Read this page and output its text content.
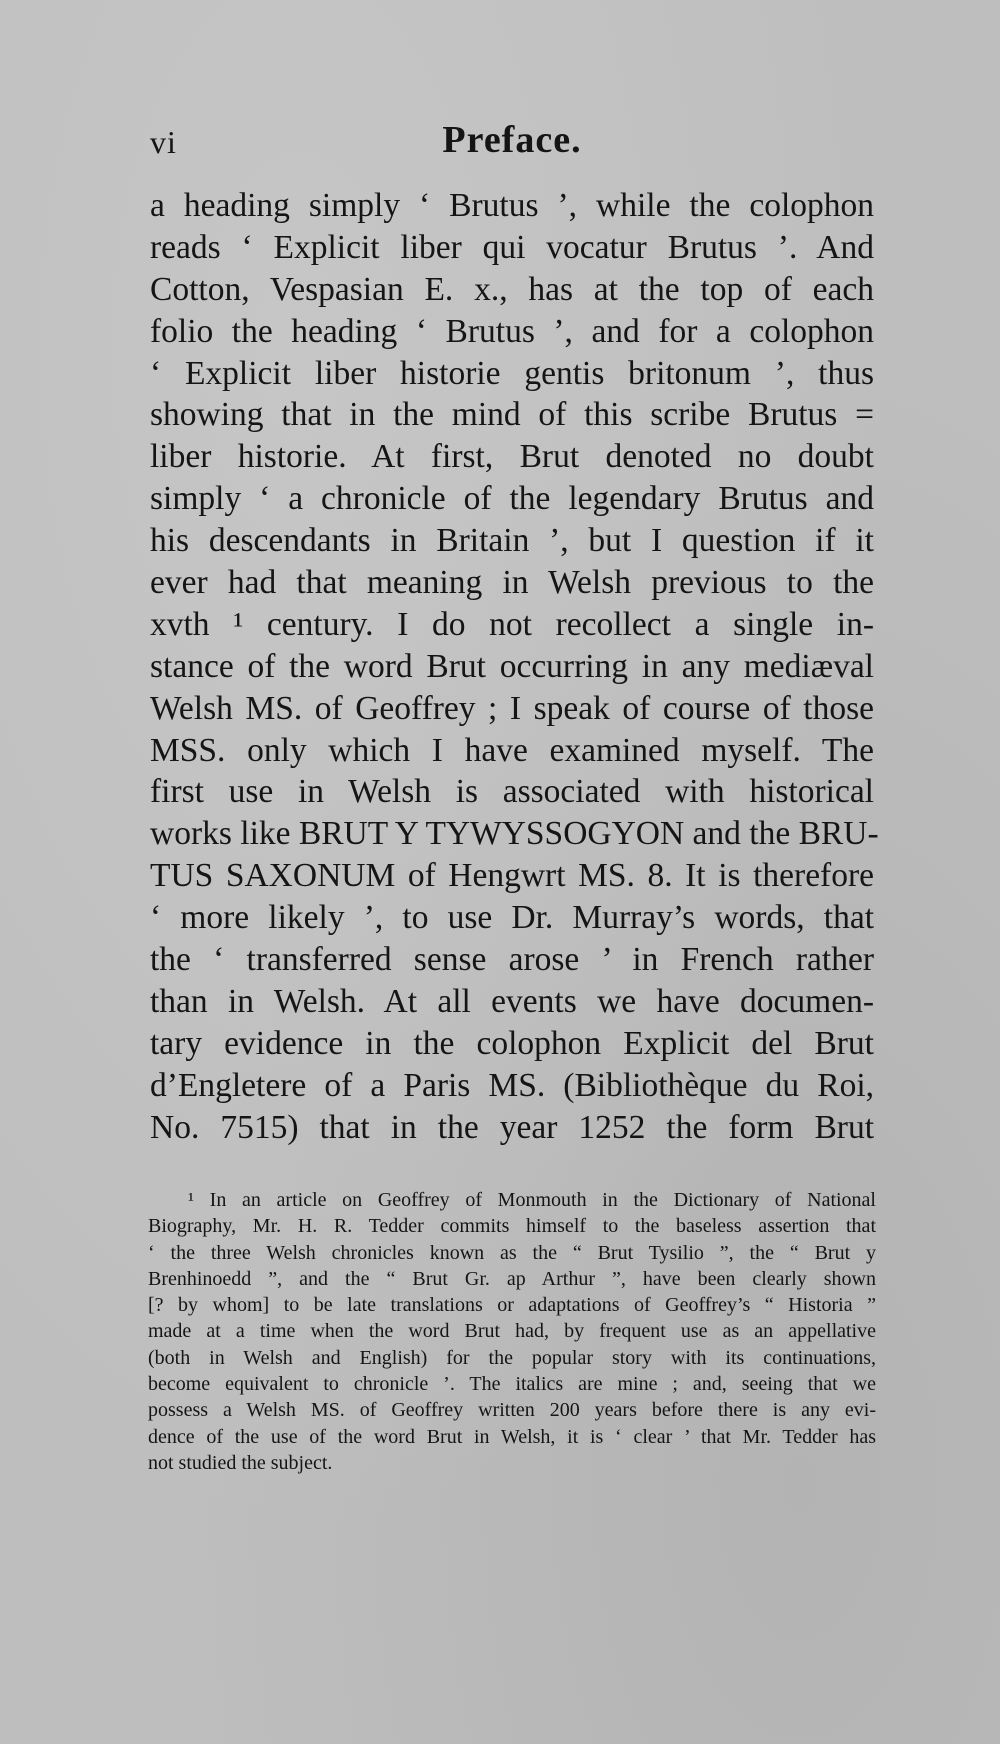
vi	Preface.
a heading simply ‘ Brutus ’, while the colophon
reads ‘ Explicit liber qui vocatur Brutus ’. And
Cotton, Vespasian E. x., has at the top of each
folio the heading ‘ Brutus ’, and for a colophon
‘ Explicit liber historie gentis britonum ’, thus
showing that in the mind of this scribe Brutus =
liber historie. At first, Brut denoted no doubt
simply ‘ a chronicle of the legendary Brutus and
his descendants in Britain ’, but I question if it
ever had that meaning in Welsh previous to the
xvth ¹ century. I do not recollect a single in-
stance of the word Brut occurring in any mediæval
Welsh MS. of Geoffrey ; I speak of course of those
MSS. only which I have examined myself. The
first use in Welsh is associated with historical
works like BRUT Y TYWYSSOGYON and the BRU-
TUS SAXONUM of Hengwrt MS. 8. It is therefore
‘ more likely ’, to use Dr. Murray’s words, that
the ‘ transferred sense arose ’ in French rather
than in Welsh. At all events we have documen-
tary evidence in the colophon Explicit del Brut
d’Engletere of a Paris MS. (Bibliothèque du Roi,
No. 7515) that in the year 1252 the form Brut
¹ In an article on Geoffrey of Monmouth in the Dictionary of National
Biography, Mr. H. R. Tedder commits himself to the baseless assertion that
‘ the three Welsh chronicles known as the “ Brut Tysilio ”, the “ Brut y
Brenhinoedd ”, and the “ Brut Gr. ap Arthur ”, have been clearly shown
[? by whom] to be late translations or adaptations of Geoffrey’s “ Historia ”
made at a time when the word Brut had, by frequent use as an appellative
(both in Welsh and English) for the popular story with its continuations,
become equivalent to chronicle ’. The italics are mine ; and, seeing that we
possess a Welsh MS. of Geoffrey written 200 years before there is any evi-
dence of the use of the word Brut in Welsh, it is ‘ clear ’ that Mr. Tedder has
not studied the subject.
